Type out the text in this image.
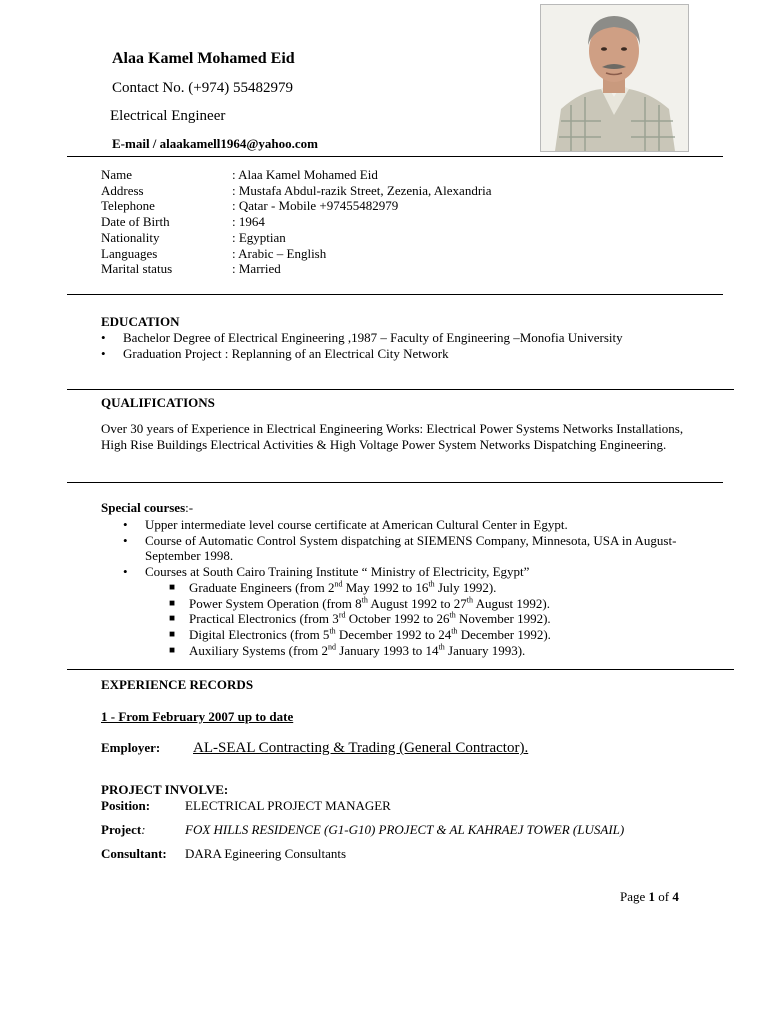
Alaa Kamel Mohamed Eid
Contact No. (+974) 55482979
Electrical Engineer
E-mail / alaakamell1964@yahoo.com
Name	: Alaa Kamel Mohamed Eid
Address	: Mustafa Abdul-razik Street, Zezenia, Alexandria
Telephone	: Qatar - Mobile +97455482979
Date of Birth	: 1964
Nationality	: Egyptian
Languages	: Arabic – English
Marital status	: Married
EDUCATION
• Bachelor Degree of Electrical Engineering ,1987 – Faculty of Engineering –Monofia University
• Graduation Project : Replanning of an Electrical City Network
QUALIFICATIONS
Over 30 years of Experience in Electrical Engineering Works: Electrical Power Systems Networks Installations, High Rise Buildings Electrical Activities & High Voltage Power System Networks Dispatching Engineering.
Special courses:-
• Upper intermediate level course certificate at American Cultural Center in Egypt.
• Course of Automatic Control System dispatching at SIEMENS Company, Minnesota, USA in August-September 1998.
• Courses at South Cairo Training Institute “ Ministry of Electricity, Egypt”
■ Graduate Engineers (from 2nd May 1992 to 16th July 1992).
■ Power System Operation (from 8th August 1992 to 27th August 1992).
■ Practical Electronics (from 3rd October 1992 to 26th November 1992).
■ Digital Electronics (from 5th December 1992 to 24th December 1992).
■ Auxiliary Systems (from 2nd January 1993 to 14th January 1993).
EXPERIENCE RECORDS
1 - From February 2007 up to date
Employer: AL-SEAL Contracting & Trading (General Contractor).
PROJECT INVOLVE:
Position:	ELECTRICAL PROJECT MANAGER
Project:	FOX HILLS RESIDENCE (G1-G10) PROJECT & AL KAHRAEJ TOWER (LUSAIL)
Consultant: DARA Egineering Consultants
Page 1 of 4
